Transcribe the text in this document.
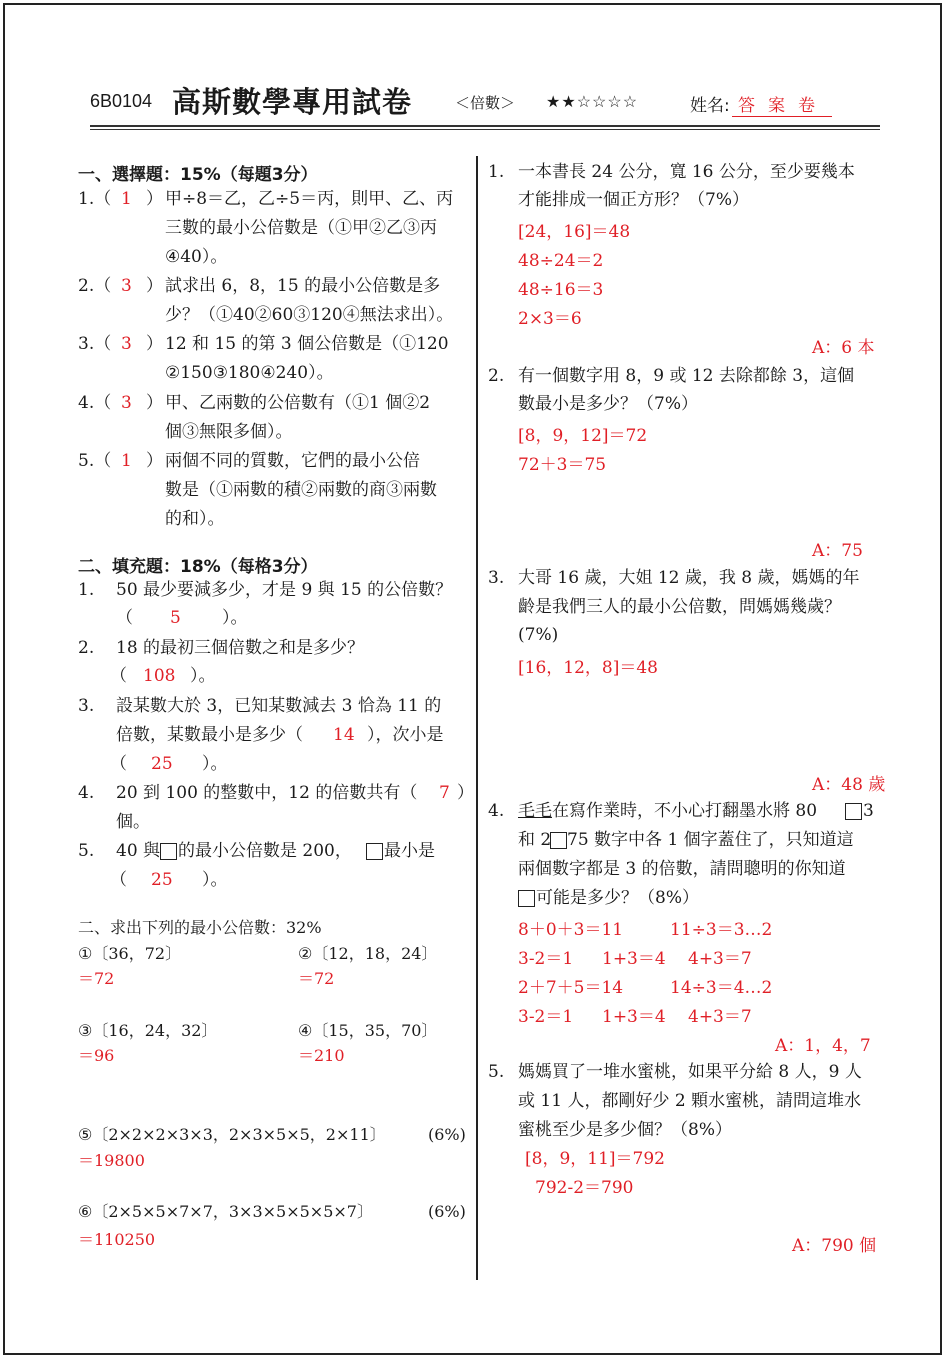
6B0104 高斯數學專用試卷	＜倍數＞ ★★☆☆☆☆	姓名: 答案卷
一、選擇題：15%（每題3分）
1.（ 1 ） 甲÷8＝乙，乙÷5＝丙，則甲、乙、丙
三數的最小公倍數是（①甲②乙③丙
④40）。
2.（ 3 ） 試求出 6，8，15 的最小公倍數是多
少？（①40②60③120④無法求出）。
3.（ 3 ） 12 和 15 的第 3 個公倍數是（①120
②150③180④240）。
4.（ 3 ） 甲、乙兩數的公倍數有（①1 個②2
個③無限多個）。
5.（ 1 ） 兩個不同的質數，它們的最小公倍
數是（①兩數的積②兩數的商③兩數
的和）。
二、填充題：18%（每格3分）
1. 50 最少要減多少，才是 9 與 15 的公倍數？
（ 5 ）。
2. 18 的最初三個倍數之和是多少？
（ 108 ）。
3. 設某數大於 3，已知某數減去 3 恰為 11 的
倍數，某數最小是多少（ 14 ），次小是
（ 25 ）。
4. 20 到 100 的整數中，12 的倍數共有（ 7 ）
個。
5. 40 與 的最小公倍數是 200， 最小是
（ 25 ）。
二、求出下列的最小公倍數：32%
①〔36，72〕
＝72
②〔12，18，24〕
＝72
③〔16，24，32〕
＝96
④〔15，35，70〕
＝210
⑤〔2×2×2×3×3，2×3×5×5，2×11〕	(6%)
＝19800
⑥〔2×5×5×7×7，3×3×5×5×5×7〕	(6%)
＝110250
1. 一本書長 24 公分，寬 16 公分，至少要幾本
才能排成一個正方形？（7%）
[24，16]＝48
48÷24＝2
48÷16＝3
2×3＝6
A：6 本
2. 有一個數字用 8，9 或 12 去除都餘 3，這個
數最小是多少？（7%）
[8，9，12]＝72
72＋3＝75
A：75
3. 大哥 16 歲，大姐 12 歲，我 8 歲，媽媽的年
齡是我們三人的最小公倍數，問媽媽幾歲？
(7%)
[16，12，8]＝48
A：48 歲
4. 毛毛 在寫作業時，不小心打翻墨水將 80	3
和 2 75 數字中各 1 個字蓋住了，只知道這
兩個數字都是 3 的倍數，請問聰明的你知道
可能是多少？（8%）
8＋0＋3＝11	11÷3＝3…2
3-2＝1 1+3＝4 4+3＝7
2＋7＋5＝14	14÷3＝4…2
3-2＝1 1+3＝4 4+3＝7
A：1，4，7
5. 媽媽買了一堆水蜜桃，如果平分給 8 人，9 人
或 11 人，都剛好少 2 顆水蜜桃，請問這堆水
蜜桃至少是多少個？（8%）
[8，9，11]＝792
792-2＝790
A：790 個
